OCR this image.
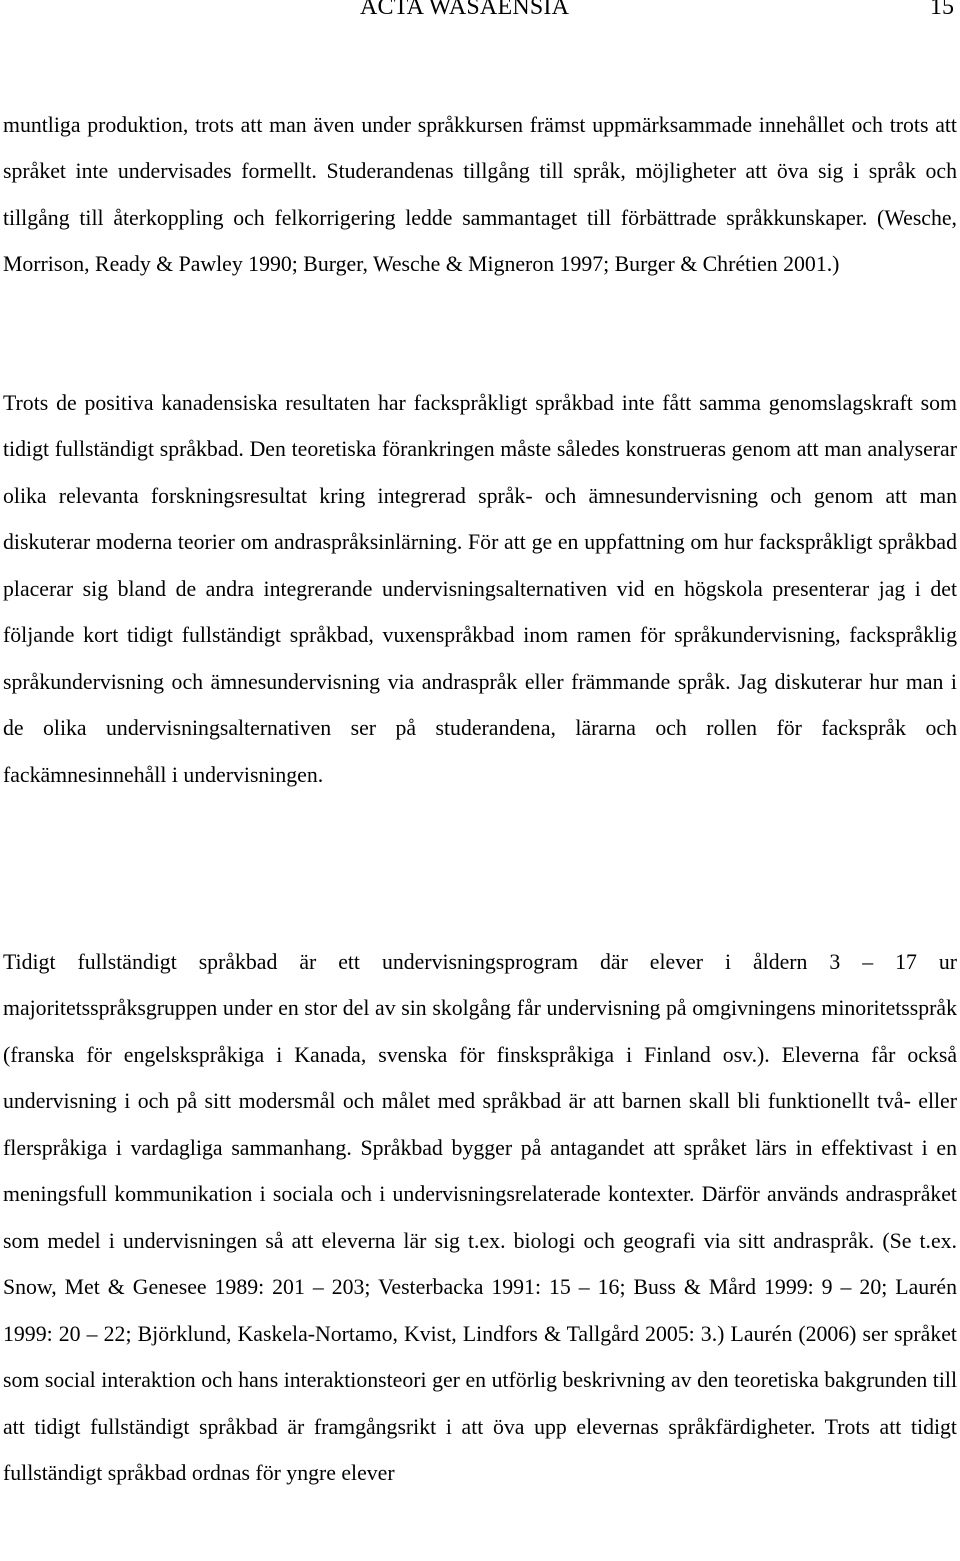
ACTA WASAENSIA	15

muntliga produktion, trots att man även under språkkursen främst uppmärksammade innehållet och trots att språket inte undervisades formellt. Studerandenas tillgång till språk, möjligheter att öva sig i språk och tillgång till återkoppling och felkorrigering ledde sammantaget till förbättrade språkkunskaper. (Wesche, Morrison, Ready & Pawley 1990; Burger, Wesche & Migneron 1997; Burger & Chrétien 2001.)

Trots de positiva kanadensiska resultaten har fackspråkligt språkbad inte fått samma genomslagskraft som tidigt fullständigt språkbad. Den teoretiska förankringen måste således konstrueras genom att man analyserar olika relevanta forskningsresultat kring integrerad språk- och ämnesundervisning och genom att man diskuterar moderna teorier om andraspråksinlärning. För att ge en uppfattning om hur fackspråkligt språkbad placerar sig bland de andra integrerande undervisningsalternativen vid en högskola presenterar jag i det följande kort tidigt fullständigt språkbad, vuxenspråkbad inom ramen för språkundervisning, fackspråklig språkundervisning och ämnesundervisning via andraspråk eller främmande språk. Jag diskuterar hur man i de olika undervisningsalternativen ser på studerandena, lärarna och rollen för fackspråk och fackämnesinnehåll i undervisningen.

Tidigt fullständigt språkbad är ett undervisningsprogram där elever i åldern 3 – 17 ur majoritetsspråksgruppen under en stor del av sin skolgång får undervisning på omgivningens minoritetsspråk (franska för engelskspråkiga i Kanada, svenska för finskspråkiga i Finland osv.). Eleverna får också undervisning i och på sitt modersmål och målet med språkbad är att barnen skall bli funktionellt två- eller flerspråkiga i vardagliga sammanhang. Språkbad bygger på antagandet att språket lärs in effektivast i en meningsfull kommunikation i sociala och i undervisningsrelaterade kontexter. Därför används andraspråket som medel i undervisningen så att eleverna lär sig t.ex. biologi och geografi via sitt andraspråk. (Se t.ex. Snow, Met & Genesee 1989: 201 – 203; Vesterbacka 1991: 15 – 16; Buss & Mård 1999: 9 – 20; Laurén 1999: 20 – 22; Björklund, Kaskela-Nortamo, Kvist, Lindfors & Tallgård 2005: 3.) Laurén (2006) ser språket som social interaktion och hans interaktionsteori ger en utförlig beskrivning av den teoretiska bakgrunden till att tidigt fullständigt språkbad är framgångsrikt i att öva upp elevernas språkfärdigheter. Trots att tidigt fullständigt språkbad ordnas för yngre elever
